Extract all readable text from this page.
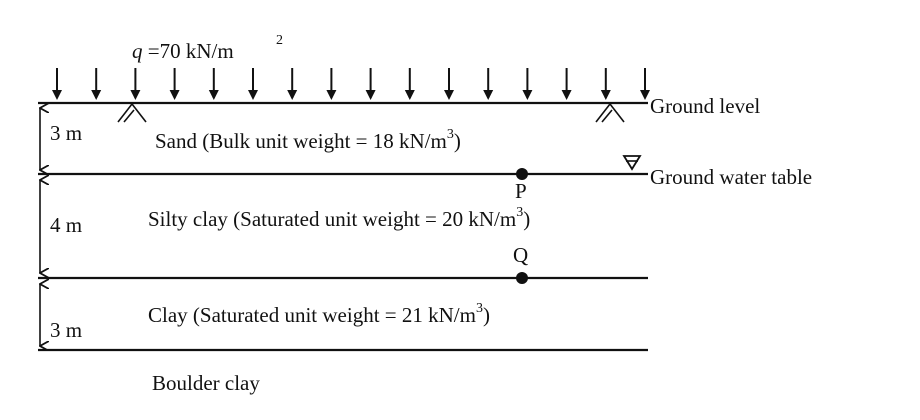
q =70 kN/m	2
Ground level
3 m	Sand (Bulk unit weight = 18 $kN/m^3$)
Ground water table
P
4 m	Silty clay (Saturated unit weight = 20 $kN/m^3$)
Q
3 m
Clay (Saturated unit weight = 21 $kN/m^3$)
Boulder clay
